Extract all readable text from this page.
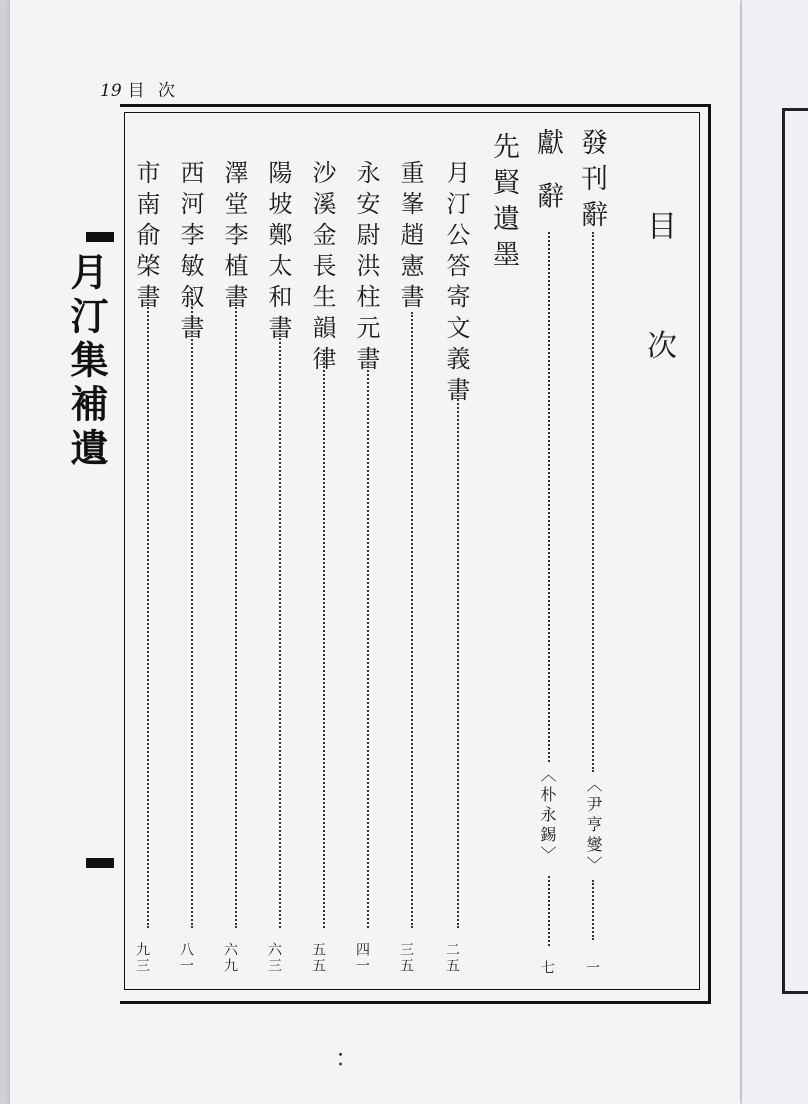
19 目 次
月汀集補遺	目 次
發刊辭
〈尹亨燮〉
一
獻 辭
〈朴永錫〉
七
先賢遺墨
月汀公答寄文義書
二五
重峯趙憲書
三五
永安尉洪柱元書
四一
沙溪金長生韻律
五五
陽坡鄭太和書
六三
澤堂李植書
六九
西河李敏叙書
八一
市南俞棨書
九三
⁚
